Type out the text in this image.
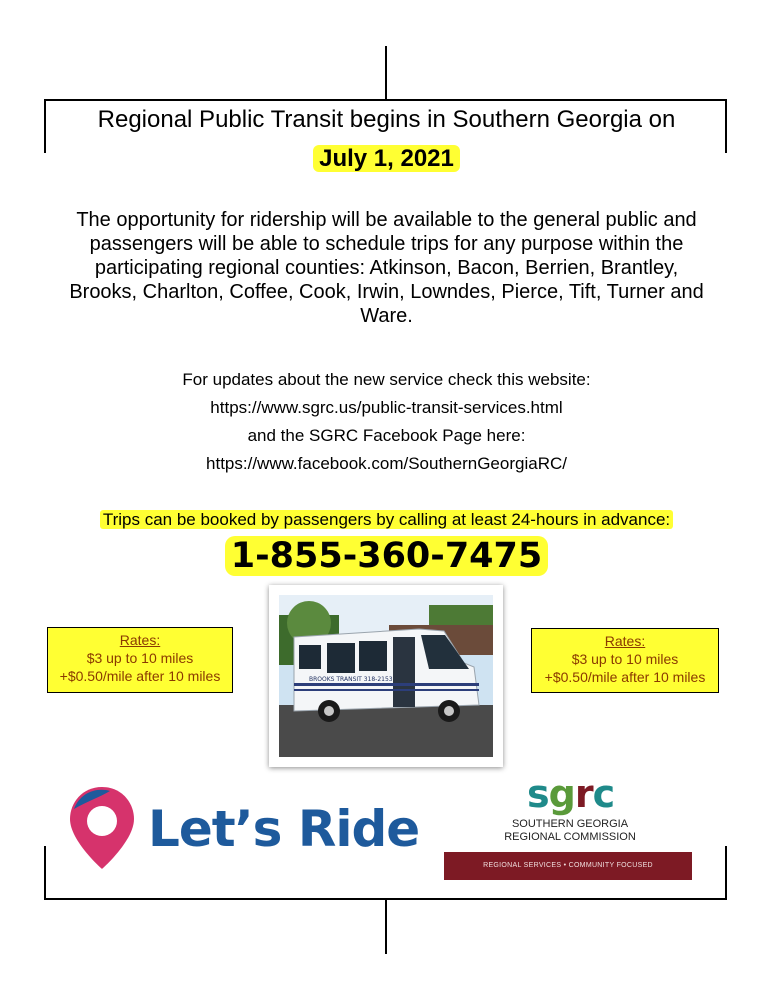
Regional Public Transit begins in Southern Georgia on
July 1, 2021
The opportunity for ridership will be available to the general public and passengers will be able to schedule trips for any purpose within the participating regional counties: Atkinson, Bacon, Berrien, Brantley, Brooks, Charlton, Coffee, Cook, Irwin, Lowndes, Pierce, Tift, Turner and Ware.
For updates about the new service check this website:
https://www.sgrc.us/public-transit-services.html
and the SGRC Facebook Page here:
https://www.facebook.com/SouthernGeorgiaRC/
Trips can be booked by passengers by calling at least 24-hours in advance:
1-855-360-7475
Rates:
$3 up to 10 miles
+$0.50/mile after 10 miles
Rates:
$3 up to 10 miles
+$0.50/mile after 10 miles
BROOKS TRANSIT 318-2153
Let’s Ride
sgrc
SOUTHERN GEORGIA
REGIONAL COMMISSION
REGIONAL SERVICES • COMMUNITY FOCUSED
